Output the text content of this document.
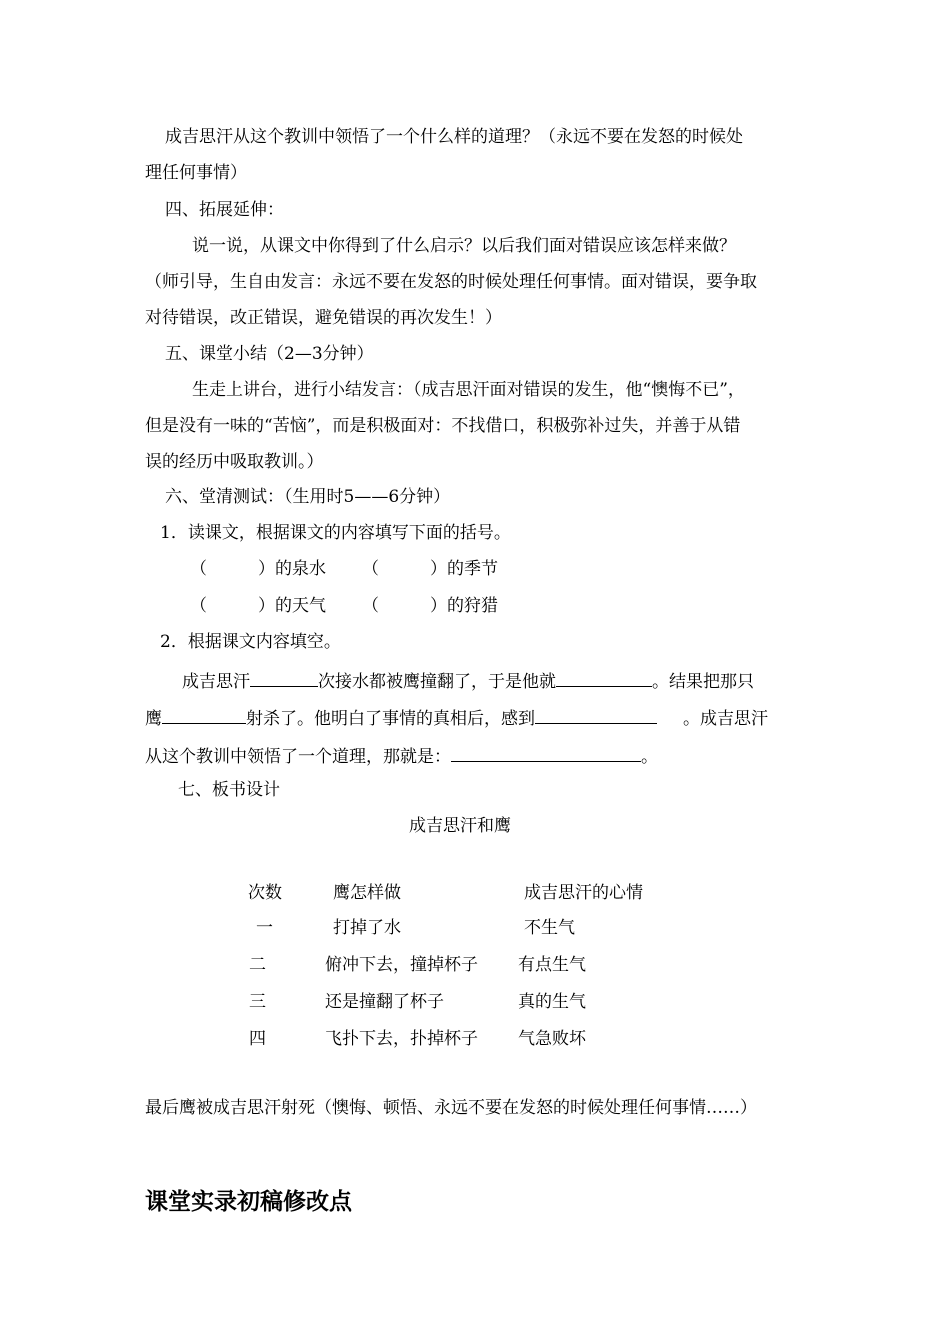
成吉思汗从这个教训中领悟了一个什么样的道理？（永远不要在发怒的时候处
理任何事情）
四、拓展延伸：
说一说，从课文中你得到了什么启示？以后我们面对错误应该怎样来做？
（师引导，生自由发言：永远不要在发怒的时候处理任何事情。面对错误，要争取
对待错误，改正错误，避免错误的再次发生！）
五、课堂小结（2—3分钟）
生走上讲台，进行小结发言：（成吉思汗面对错误的发生，他“懊悔不已”，
但是没有一味的“苦恼”，而是积极面对：不找借口，积极弥补过失，并善于从错
误的经历中吸取教训。）
六、堂清测试：（生用时5——6分钟）
1．读课文，根据课文的内容填写下面的括号。
（	）的泉水 （	）的季节
（	）的天气 （	）的狩猎
2．根据课文内容填空。
成吉思汗	次接水都被鹰撞翻了，于是他就	。结果把那只
鹰	射杀了。他明白了事情的真相后，感到	。成吉思汗
从这个教训中领悟了一个道理，那就是：	。
七、板书设计
成吉思汗和鹰
次数	鹰怎样做	成吉思汗的心情
一	打掉了水	不生气
二	俯冲下去，撞掉杯子 有点生气
三	还是撞翻了杯子	真的生气
四	飞扑下去，扑掉杯子 气急败坏
最后鹰被成吉思汗射死（懊悔、顿悟、永远不要在发怒的时候处理任何事情……）
课堂实录初稿修改点
